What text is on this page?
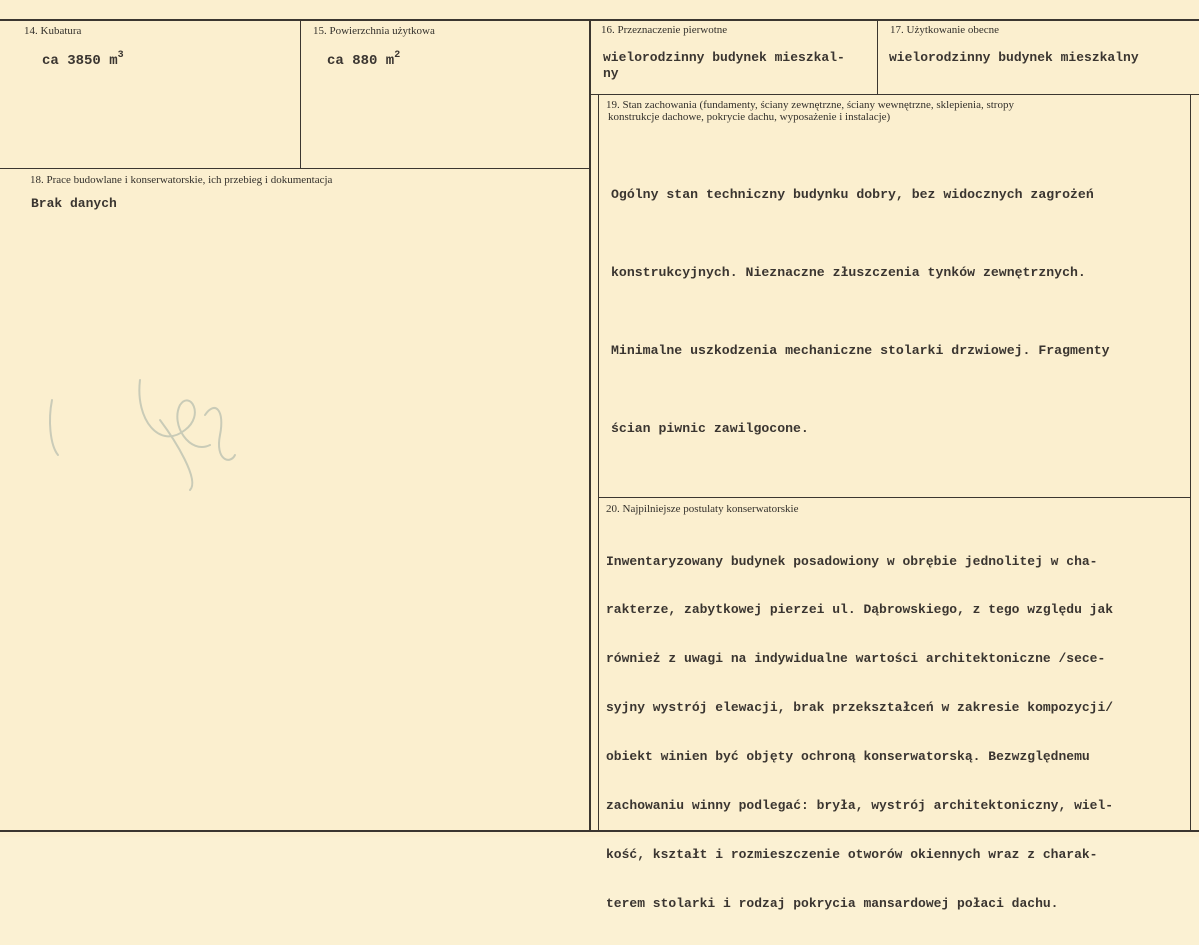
14. Kubatura
ca 3850 $m^3$
15. Powierzchnia użytkowa
ca 880 $m^2$
16. Przeznaczenie pierwotne
wielorodzinny budynek mieszkal-
ny
17. Użytkowanie obecne
wielorodzinny budynek mieszkalny
18. Prace budowlane i konserwatorskie, ich przebieg i dokumentacja
Brak danych
19. Stan zachowania (fundamenty, ściany zewnętrzne, ściany wewnętrzne, sklepienia, stropy
konstrukcje dachowe, pokrycie dachu, wyposażenie i instalacje)

Ogólny stan techniczny budynku dobry, bez widocznych zagrożeń

konstrukcyjnych. Nieznaczne złuszczenia tynków zewnętrznych.

Minimalne uszkodzenia mechaniczne stolarki drzwiowej. Fragmenty

ścian piwnic zawilgocone.

20. Najpilniejsze postulaty konserwatorskie

Inwentaryzowany budynek posadowiony w obrębie jednolitej w cha-

rakterze, zabytkowej pierzei ul. Dąbrowskiego, z tego względu jak

również z uwagi na indywidualne wartości architektoniczne /sece-

syjny wystrój elewacji, brak przekształceń w zakresie kompozycji/

obiekt winien być objęty ochroną konserwatorską. Bezwzględnemu

zachowaniu winny podlegać: bryła, wystrój architektoniczny, wiel-

kość, kształt i rozmieszczenie otworów okiennych wraz z charak-

terem stolarki i rodzaj pokrycia mansardowej połaci dachu.
